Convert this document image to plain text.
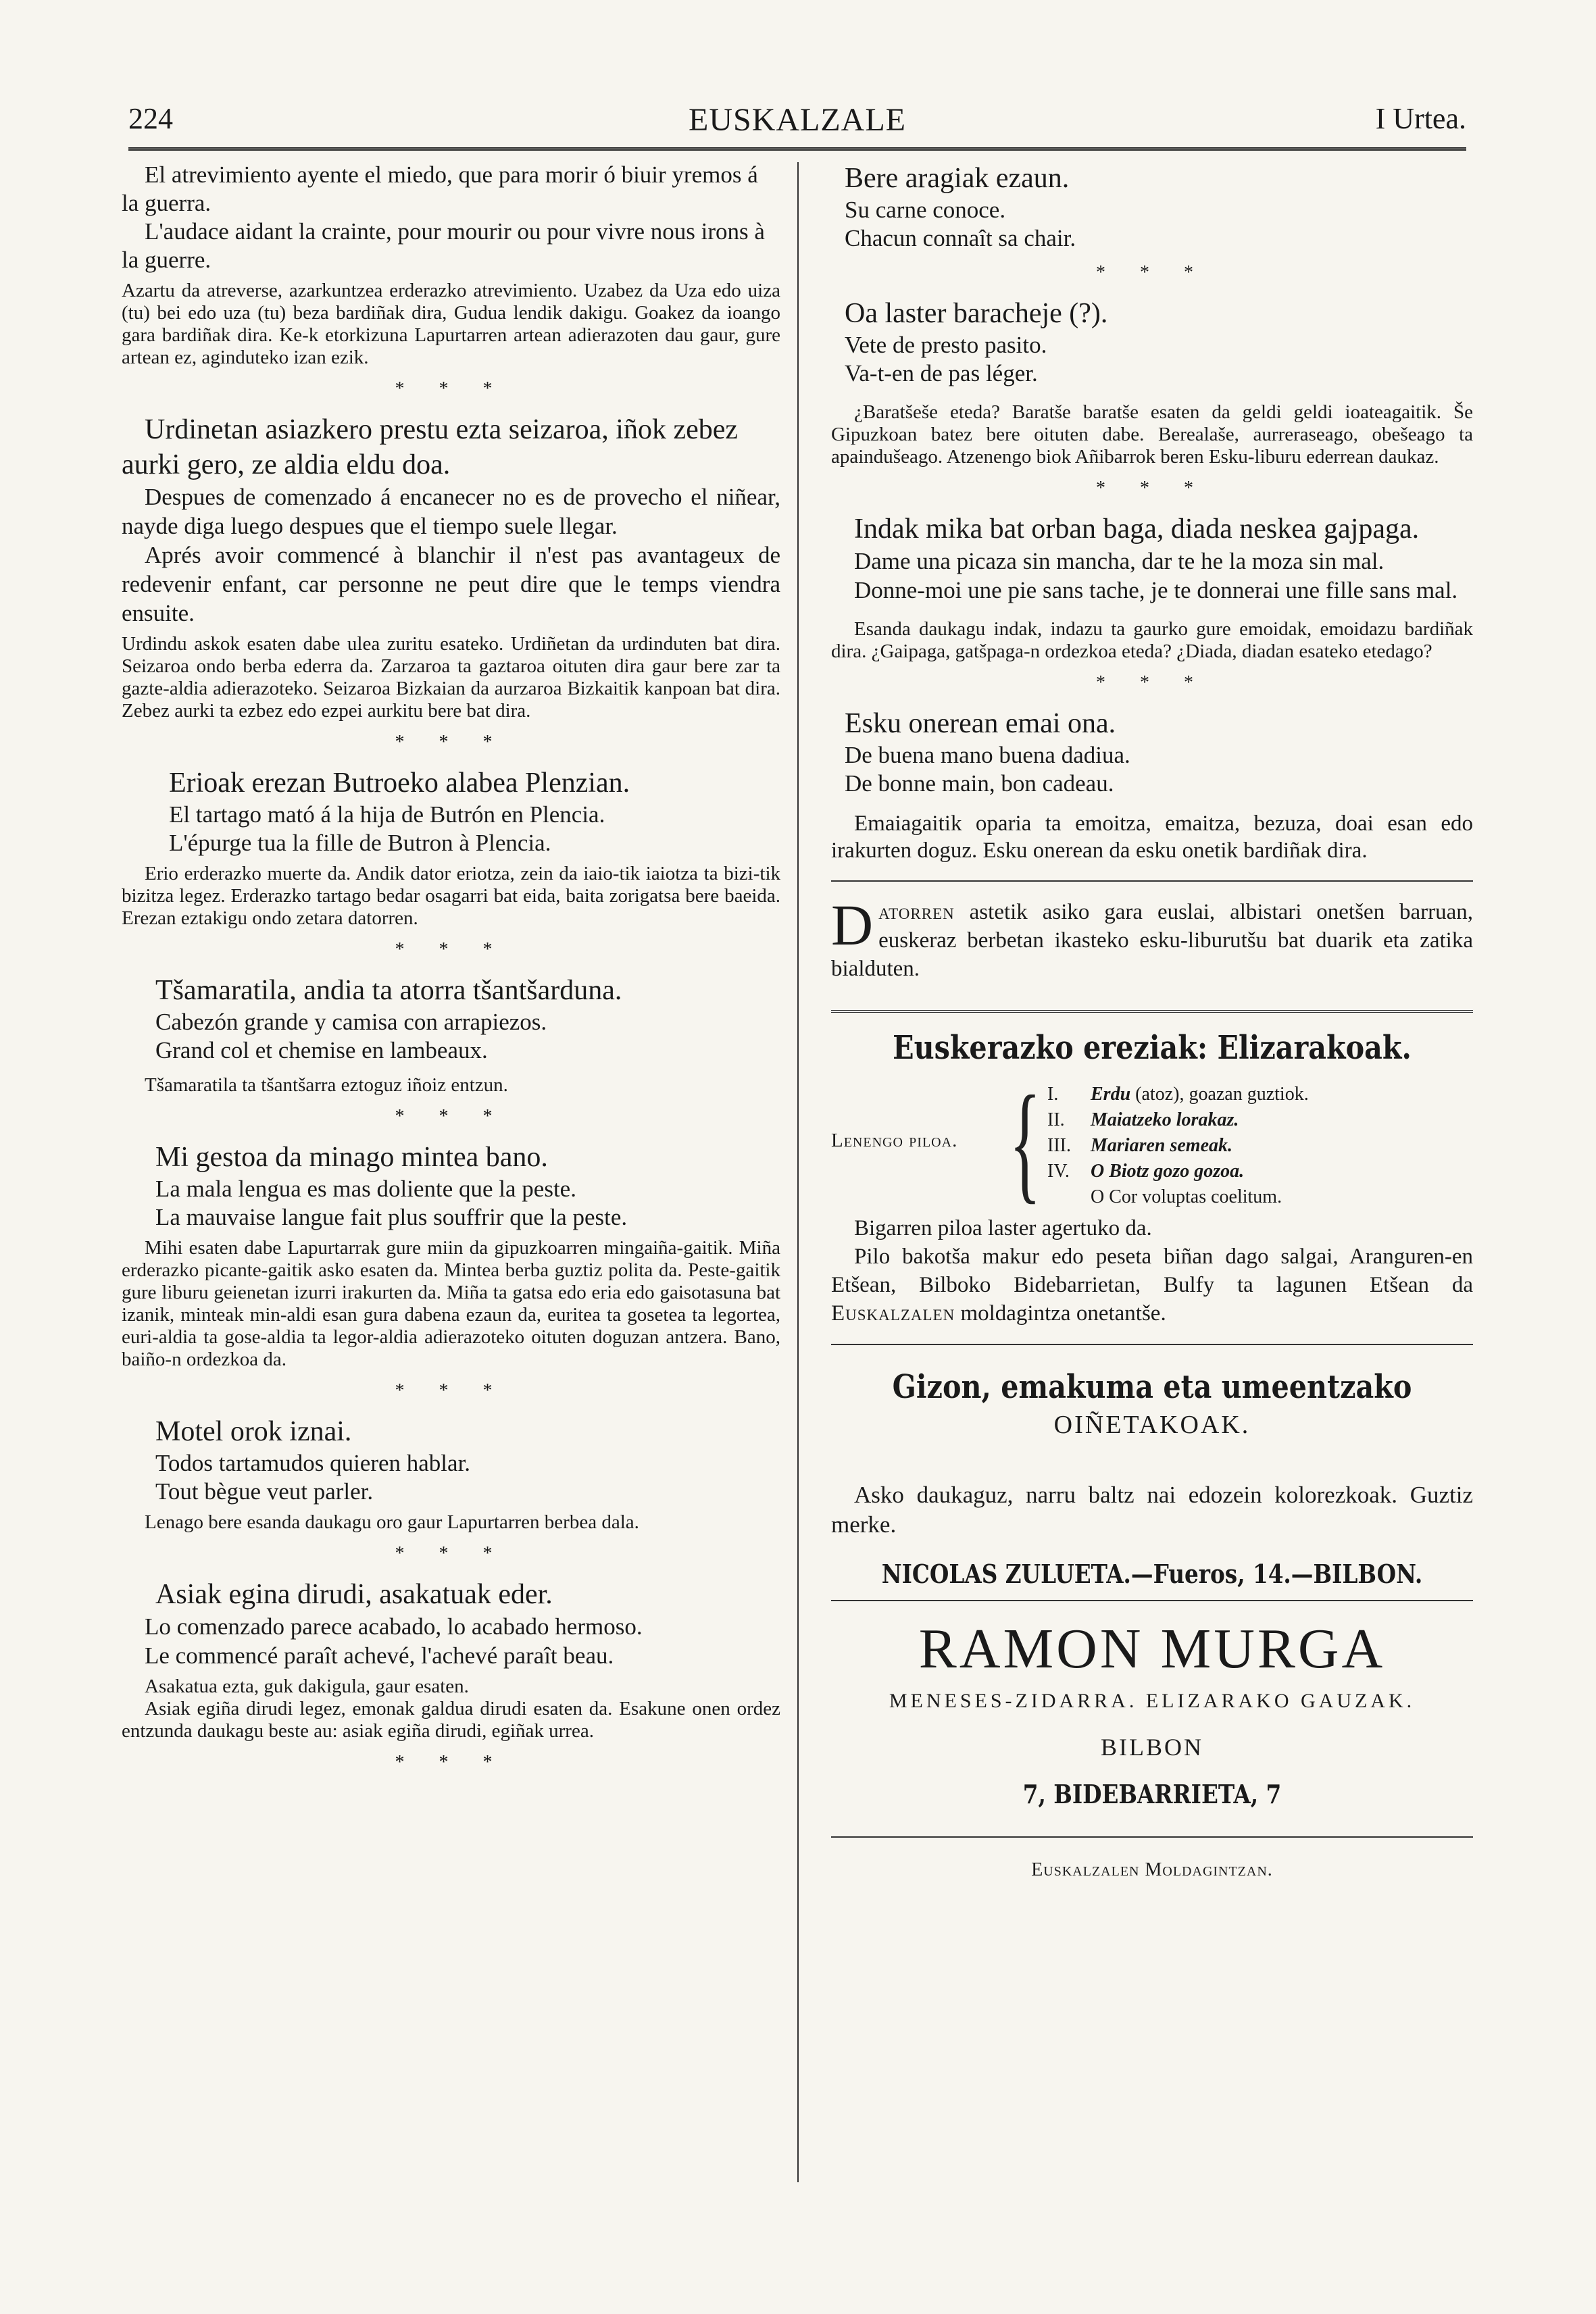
224	EUSKALZALE	I Urtea.

El atrevimiento ayente el miedo, que para morir ó biuir yremos á la guerra.

L'audace aidant la crainte, pour mourir ou pour vivre nous irons à la guerre.

Azartu da atreverse, azarkuntzea erderazko atrevimiento. Uzabez da Uza edo uiza (tu) bei edo uza (tu) beza bardiñak dira, Gudua lendik dakigu. Goakez da ioango gara bardiñak dira. Ke-k etorkizuna Lapurtarren artean adierazoten dau gaur, gure artean ez, aginduteko izan ezik.

* * *

Urdinetan asiazkero prestu ezta seizaroa, iñok zebez aurki gero, ze aldia eldu doa.

Despues de comenzado á encanecer no es de provecho el niñear, nayde diga luego despues que el tiempo suele llegar.

Aprés avoir commencé à blanchir il n'est pas avantageux de redevenir enfant, car personne ne peut dire que le temps viendra ensuite.

Urdindu askok esaten dabe ulea zuritu esateko. Urdiñetan da urdinduten bat dira. Seizaroa ondo berba ederra da. Zarzaroa ta gaztaroa oituten dira gaur bere zar ta gazte-aldia adierazoteko. Seizaroa Bizkaian da aurzaroa Bizkaitik kanpoan bat dira. Zebez aurki ta ezbez edo ezpei aurkitu bere bat dira.

* * *

Erioak erezan Butroeko alabea Plenzian.

El tartago mató á la hija de Butrón en Plencia.

L'épurge tua la fille de Butron à Plencia.

Erio erderazko muerte da. Andik dator eriotza, zein da iaio-tik iaiotza ta bizi-tik bizitza legez. Erderazko tartago bedar osagarri bat eida, baita zorigatsa bere baeida. Erezan eztakigu ondo zetara datorren.

* * *

Tšamaratila, andia ta atorra tšantšarduna.

Cabezón grande y camisa con arrapiezos.

Grand col et chemise en lambeaux.

Tšamaratila ta tšantšarra eztoguz iñoiz entzun.

* * *

Mi gestoa da minago mintea bano.

La mala lengua es mas doliente que la peste.

La mauvaise langue fait plus souffrir que la peste.

Mihi esaten dabe Lapurtarrak gure miin da gipuzkoarren mingaiña-gaitik. Miña erderazko picante-gaitik asko esaten da. Mintea berba guztiz polita da. Peste-gaitik gure liburu geienetan izurri irakurten da. Miña ta gatsa edo eria edo gaisotasuna bat izanik, minteak min-aldi esan gura dabena ezaun da, euritea ta gosetea ta legortea, euri-aldia ta gose-aldia ta legor-aldia adierazoteko oituten doguzan antzera. Bano, baiño-n ordezkoa da.

* * *

Motel orok iznai.

Todos tartamudos quieren hablar.

Tout bègue veut parler.

Lenago bere esanda daukagu oro gaur Lapurtarren berbea dala.

* * *

Asiak egina dirudi, asakatuak eder.

Lo comenzado parece acabado, lo acabado hermoso.

Le commencé paraît achevé, l'achevé paraît beau.

Asakatua ezta, guk dakigula, gaur esaten.

Asiak egiña dirudi legez, emonak galdua dirudi esaten da. Esakune onen ordez entzunda daukagu beste au: asiak egiña dirudi, egiñak urrea.

* * *

Bere aragiak ezaun.

Su carne conoce.

Chacun connaît sa chair.

* * *

Oa laster baracheje (?).

Vete de presto pasito.

Va-t-en de pas léger.

¿Baratšeše eteda? Baratše baratše esaten da geldi geldi ioateagaitik. Še Gipuzkoan batez bere oituten dabe. Berealaše, aurreraseago, obešeago ta apaindušeago. Atzenengo biok Añibarrok beren Esku-liburu ederrean daukaz.

* * *

Indak mika bat orban baga, diada neskea gajpaga.

Dame una picaza sin mancha, dar te he la moza sin mal.

Donne-moi une pie sans tache, je te donnerai une fille sans mal.

Esanda daukagu indak, indazu ta gaurko gure emoidak, emoidazu bardiñak dira. ¿Gaipaga, gatšpaga-n ordezkoa eteda? ¿Diada, diadan esateko etedago?

* * *

Esku onerean emai ona.

De buena mano buena dadiua.

De bonne main, bon cadeau.

Emaiagaitik oparia ta emoitza, emaitza, bezuza, doai esan edo irakurten doguz. Esku onerean da esku onetik bardiñak dira.

Datorren astetik asiko gara euslai, albistari onetšen barruan, euskeraz berbetan ikasteko esku-liburutšu bat duarik eta zatika bialduten.

Euskerazko ereziak: Elizarakoak.
Lenengo piloa. { I. Erdu (atoz), goazan guztiok.
II. Maiatzeko lorakaz.
III. Mariaren semeak.
IV. O Biotz gozo gozoa.
O Cor voluptas coelitum.

Bigarren piloa laster agertuko da.

Pilo bakotša makur edo peseta biñan dago salgai, Aranguren-en Etšean, Bilboko Bidebarrietan, Bulfy ta lagunen Etšean da Euskalzalen moldagintza onetantše.

Gizon, emakuma eta umeentzako
OIÑETAKOAK.

Asko daukaguz, narru baltz nai edozein kolorezkoak. Guztiz merke.

NICOLAS ZULUETA.—Fueros, 14.—BILBON.
RAMON MURGA
MENESES-ZIDARRA. ELIZARAKO GAUZAK.
BILBON
7, BIDEBARRIETA, 7
Euskalzalen Moldagintzan.
